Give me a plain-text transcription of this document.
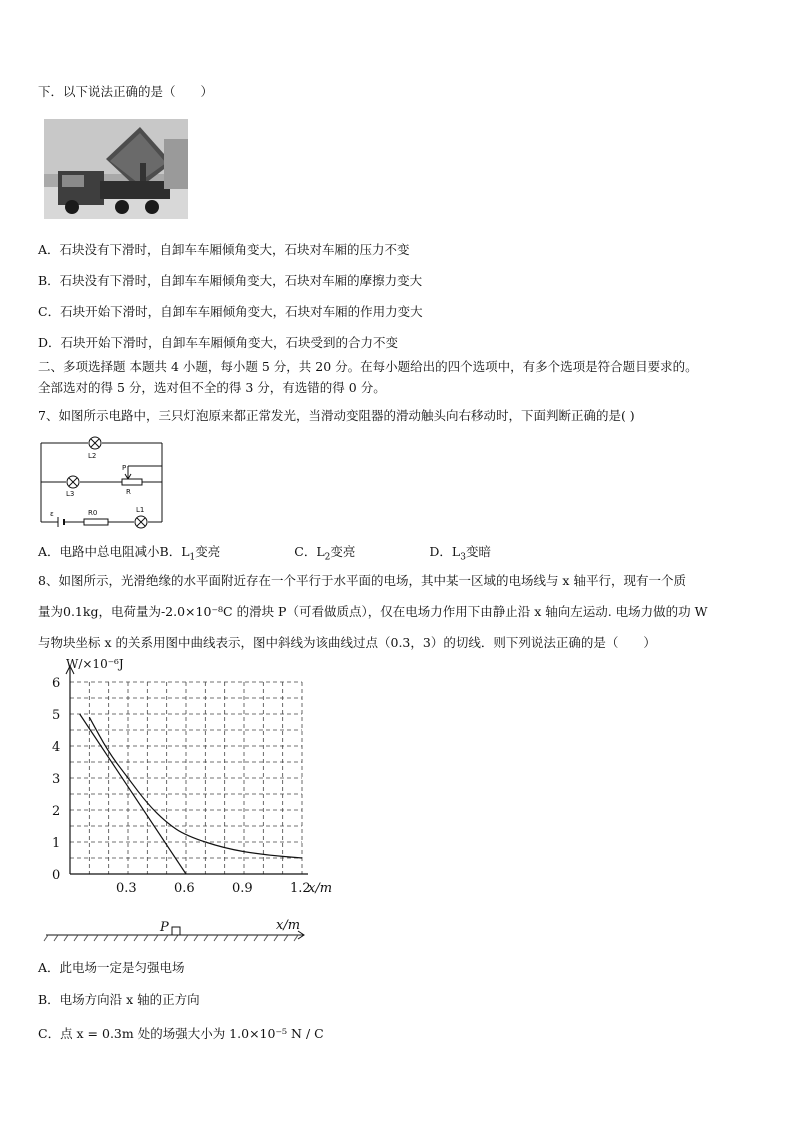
下．以下说法正确的是（　　）
A．石块没有下滑时，自卸车车厢倾角变大，石块对车厢的压力不变
B．石块没有下滑时，自卸车车厢倾角变大，石块对车厢的摩擦力变大
C．石块开始下滑时，自卸车车厢倾角变大，石块对车厢的作用力变大
D．石块开始下滑时，自卸车车厢倾角变大，石块受到的合力不变
二、多项选择题 本题共 4 小题，每小题 5 分，共 20 分。在每小题给出的四个选项中，有多个选项是符合题目要求的。
全部选对的得 5 分，选对但不全的得 3 分，有选错的得 0 分。
7、如图所示电路中，三只灯泡原来都正常发光，当滑动变阻器的滑动触头向右移动时，下面判断正确的是( )
L2
L3
P
R
ε	R0	L1
A．电路中总电阻减小B．$L_1$变亮	C．$L_2$变亮	D．$L_3$变暗
8、如图所示，光滑绝缘的水平面附近存在一个平行于水平面的电场，其中某一区域的电场线与 x 轴平行，现有一个质
量为0.1kg，电荷量为-2.0×10⁻⁸C 的滑块 P（可看做质点），仅在电场力作用下由静止沿 x 轴向左运动. 电场力做的功 W
与物块坐标 x 的关系用图中曲线表示，图中斜线为该曲线过点（0.3，3）的切线．则下列说法正确的是（　　）
0
1
2
3
4
5
6
0.3	0.6	0.9	1.2
W/×10⁻⁶J
x/m
P	x/m
A．此电场一定是匀强电场
B．电场方向沿 x 轴的正方向
C．点 x = 0.3m 处的场强大小为 1.0×10⁻⁵ N / C
